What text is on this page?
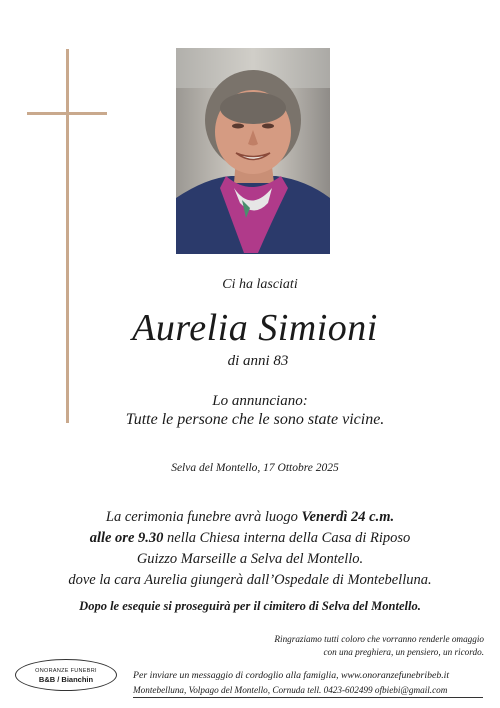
Ci ha lasciati
Aurelia Simioni
di anni 83
Lo annunciano:
Tutte le persone che le sono state vicine.
Selva del Montello, 17 Ottobre 2025
La cerimonia funebre avrà luogo Venerdì 24 c.m.
alle ore 9.30 nella Chiesa interna della Casa di Riposo
Guizzo Marseille a Selva del Montello.
dove la cara Aurelia giungerà dall’Ospedale di Montebelluna.
Dopo le esequie si proseguirà per il cimitero di Selva del Montello.
Ringraziamo tutti coloro che vorranno renderle omaggio
con una preghiera, un pensiero, un ricordo.
ONORANZE FUNEBRI
B&B / Bianchin	Per inviare un messaggio di cordoglio alla famiglia, www.onoranzefunebribeb.it
Montebelluna, Volpago del Montello, Cornuda tell. 0423-602499 ofbiebi@gmail.com
